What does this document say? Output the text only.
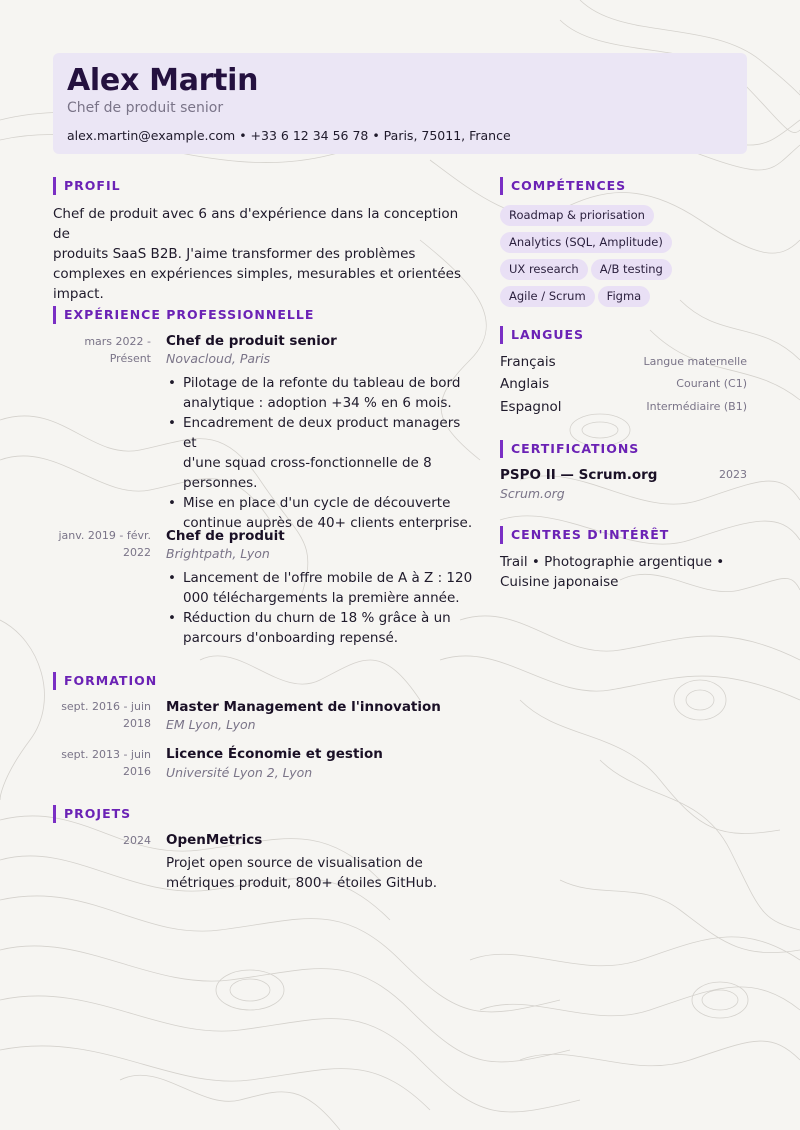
Alex Martin
Chef de produit senior
alex.martin@example.com • +33 6 12 34 56 78 • Paris, 75011, France
PROFIL
Chef de produit avec 6 ans d'expérience dans la conception de
produits SaaS B2B. J'aime transformer des problèmes
complexes en expériences simples, mesurables et orientées
impact.
EXPÉRIENCE PROFESSIONNELLE
mars 2022 -
Présent
Chef de produit senior
Novacloud, Paris
• Pilotage de la refonte du tableau de bord
analytique : adoption +34 % en 6 mois.
• Encadrement de deux product managers et
d'une squad cross-fonctionnelle de 8
personnes.
• Mise en place d'un cycle de découverte
continue auprès de 40+ clients enterprise.
janv. 2019 - févr.
2022
Chef de produit
Brightpath, Lyon
• Lancement de l'offre mobile de A à Z : 120
000 téléchargements la première année.
• Réduction du churn de 18 % grâce à un
parcours d'onboarding repensé.
FORMATION
sept. 2016 - juin
2018
Master Management de l'innovation
EM Lyon, Lyon
sept. 2013 - juin
2016
Licence Économie et gestion
Université Lyon 2, Lyon
PROJETS
2024 OpenMetrics
Projet open source de visualisation de
métriques produit, 800+ étoiles GitHub.
COMPÉTENCES
Roadmap & priorisation
Analytics (SQL, Amplitude)
UX research A/B testing
Agile / Scrum Figma
LANGUES
Français	Langue maternelle
Anglais	Courant (C1)
Espagnol	Intermédiaire (B1)
CERTIFICATIONS
PSPO II — Scrum.org	2023
Scrum.org
CENTRES D'INTÉRÊT
Trail • Photographie argentique •
Cuisine japonaise
